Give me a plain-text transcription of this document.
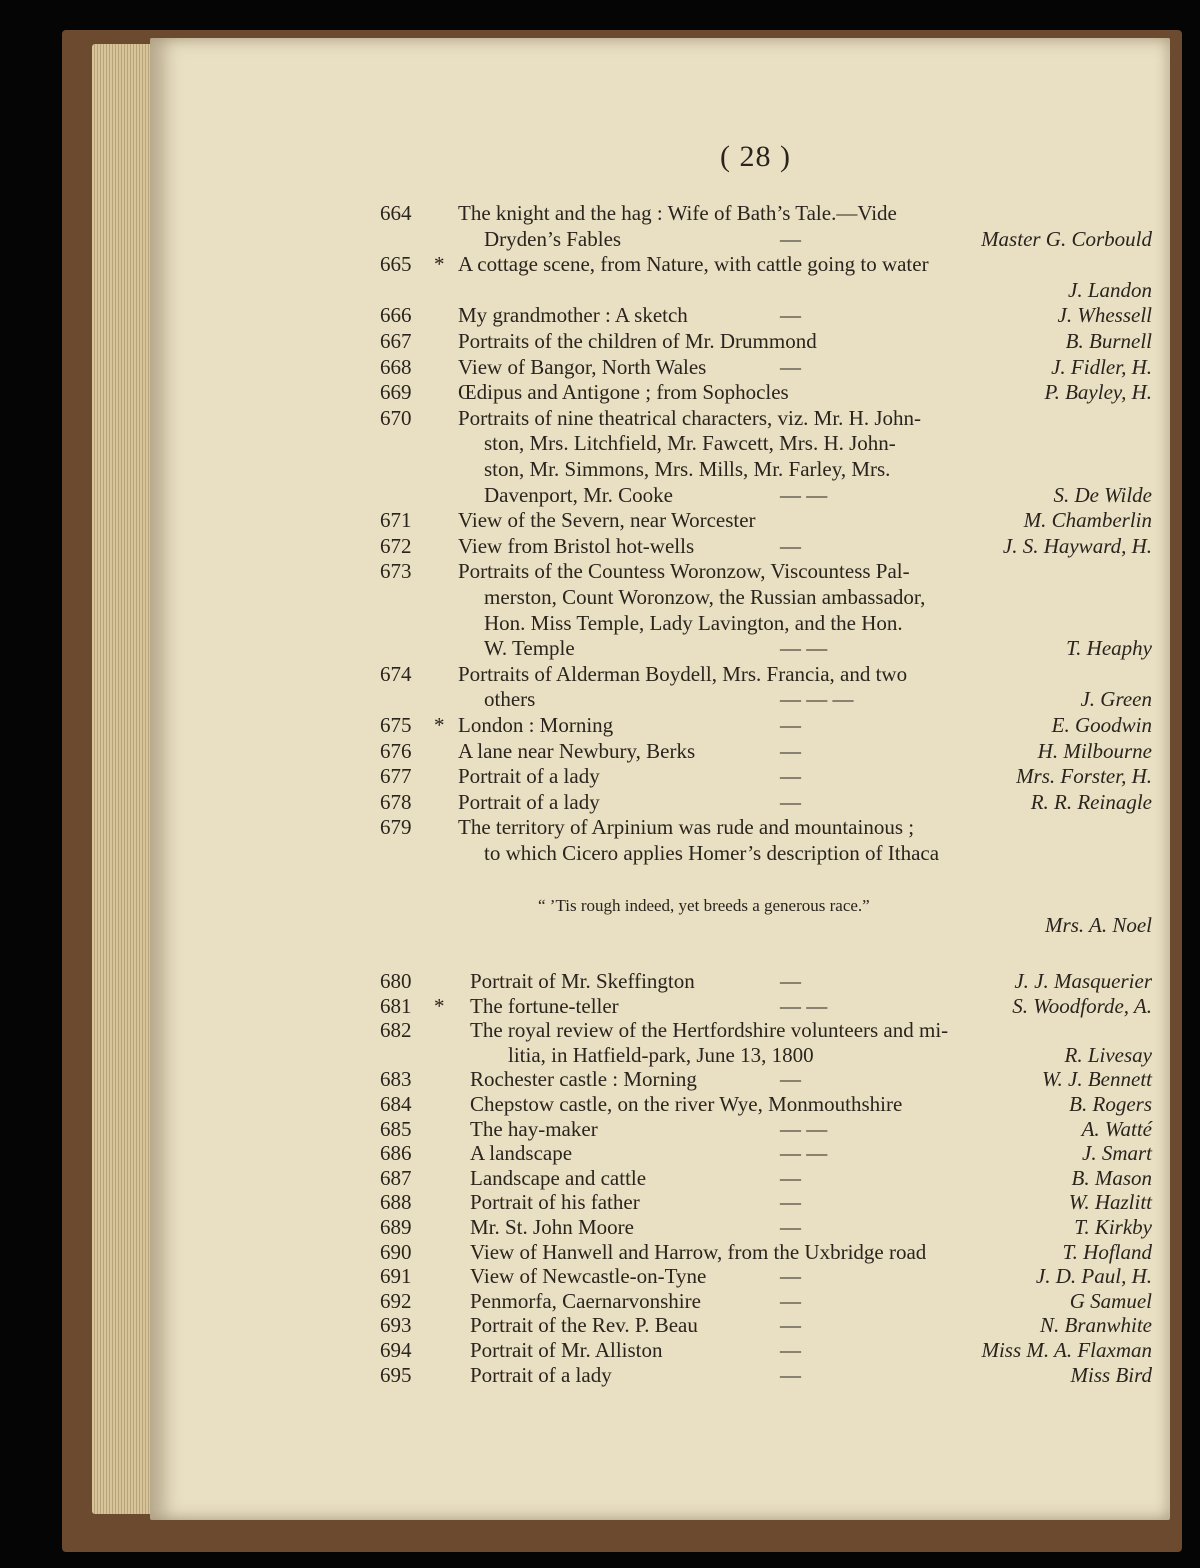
( 28 )
664	The knight and the hag : Wife of Bath’s Tale.—Vide
Dryden’s Fables	—	Master G. Corbould
665	* A cottage scene, from Nature, with cattle going to water
J. Landon
666	My grandmother : A sketch	—	J. Whessell
667	Portraits of the children of Mr. Drummond	B. Burnell
668	View of Bangor, North Wales	—	J. Fidler, H.
669	Œdipus and Antigone ; from Sophocles	P. Bayley, H.
670	Portraits of nine theatrical characters, viz. Mr. H. John-
ston, Mrs. Litchfield, Mr. Fawcett, Mrs. H. John-
ston, Mr. Simmons, Mrs. Mills, Mr. Farley, Mrs.
Davenport, Mr. Cooke	— —	S. De Wilde
671	View of the Severn, near Worcester	M. Chamberlin
672	View from Bristol hot-wells	—	J. S. Hayward, H.
673	Portraits of the Countess Woronzow, Viscountess Pal-
merston, Count Woronzow, the Russian ambassador,
Hon. Miss Temple, Lady Lavington, and the Hon.
W. Temple	— —	T. Heaphy
674	Portraits of Alderman Boydell, Mrs. Francia, and two
others	— — —	J. Green
675	* London : Morning	—	E. Goodwin
676	A lane near Newbury, Berks	—	H. Milbourne
677	Portrait of a lady	—	Mrs. Forster, H.
678	Portrait of a lady	—	R. R. Reinagle
679	The territory of Arpinium was rude and mountainous ;
to which Cicero applies Homer’s description of Ithaca
“ ’Tis rough indeed, yet breeds a generous race.”
Mrs. A. Noel
680	Portrait of Mr. Skeffington	—	J. J. Masquerier
681	* The fortune-teller	— —	S. Woodforde, A.
682	The royal review of the Hertfordshire volunteers and mi-
litia, in Hatfield-park, June 13, 1800	R. Livesay
683	Rochester castle : Morning	—	W. J. Bennett
684	Chepstow castle, on the river Wye, Monmouthshire	B. Rogers
685	The hay-maker	— —	A. Watté
686	A landscape	— —	J. Smart
687	Landscape and cattle	—	B. Mason
688	Portrait of his father	—	W. Hazlitt
689	Mr. St. John Moore	—	T. Kirkby
690	View of Hanwell and Harrow, from the Uxbridge road	T. Hofland
691	View of Newcastle-on-Tyne	—	J. D. Paul, H.
692	Penmorfa, Caernarvonshire	—	G Samuel
693	Portrait of the Rev. P. Beau	—	N. Branwhite
694	Portrait of Mr. Alliston	—	Miss M. A. Flaxman
695	Portrait of a lady	—	Miss Bird
